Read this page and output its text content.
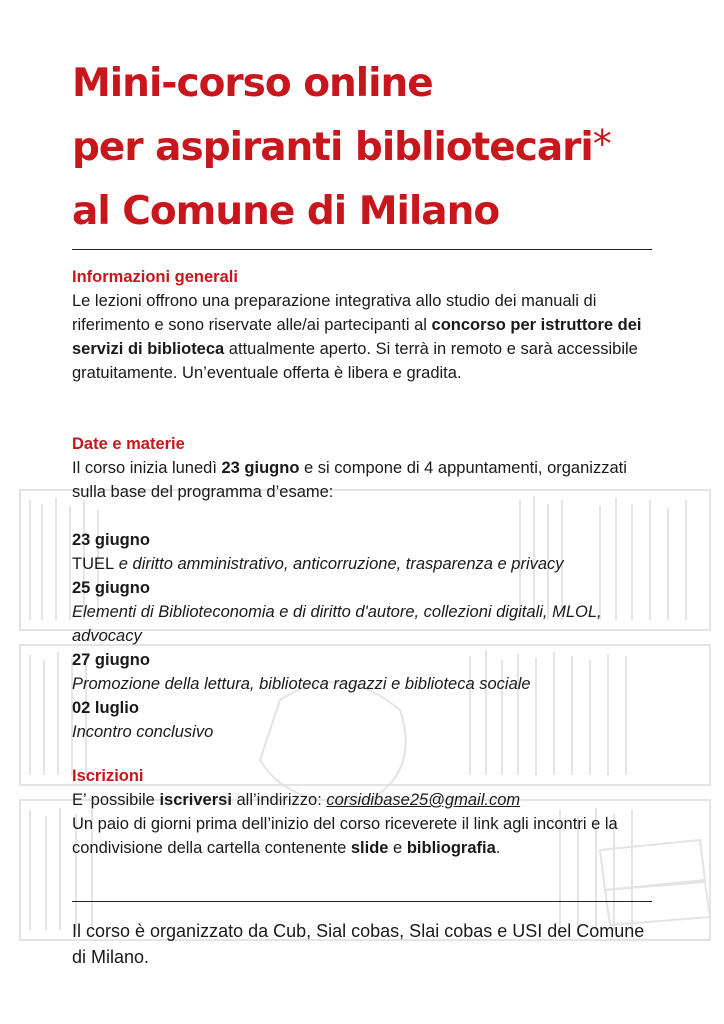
Mini-corso online
per aspiranti bibliotecari*
al Comune di Milano
Informazioni generali
Le lezioni offrono una preparazione integrativa allo studio dei manuali di riferimento e sono riservate alle/ai partecipanti al concorso per istruttore dei servizi di biblioteca attualmente aperto. Si terrà in remoto e sarà accessibile gratuitamente. Un’eventuale offerta è libera e gradita.
Date e materie
Il corso inizia lunedì 23 giugno e si compone di 4 appuntamenti, organizzati sulla base del programma d’esame:
23 giugno
TUEL e diritto amministrativo, anticorruzione, trasparenza e privacy
25 giugno
Elementi di Biblioteconomia e di diritto d'autore, collezioni digitali, MLOL, advocacy
27 giugno
Promozione della lettura, biblioteca ragazzi e biblioteca sociale
02 luglio
Incontro conclusivo
Iscrizioni
E’ possibile iscriversi all’indirizzo: corsidibase25@gmail.com
Un paio di giorni prima dell’inizio del corso riceverete il link agli incontri e la condivisione della cartella contenente slide e bibliografia.
Il corso è organizzato da Cub, Sial cobas, Slai cobas e USI del Comune di Milano.
